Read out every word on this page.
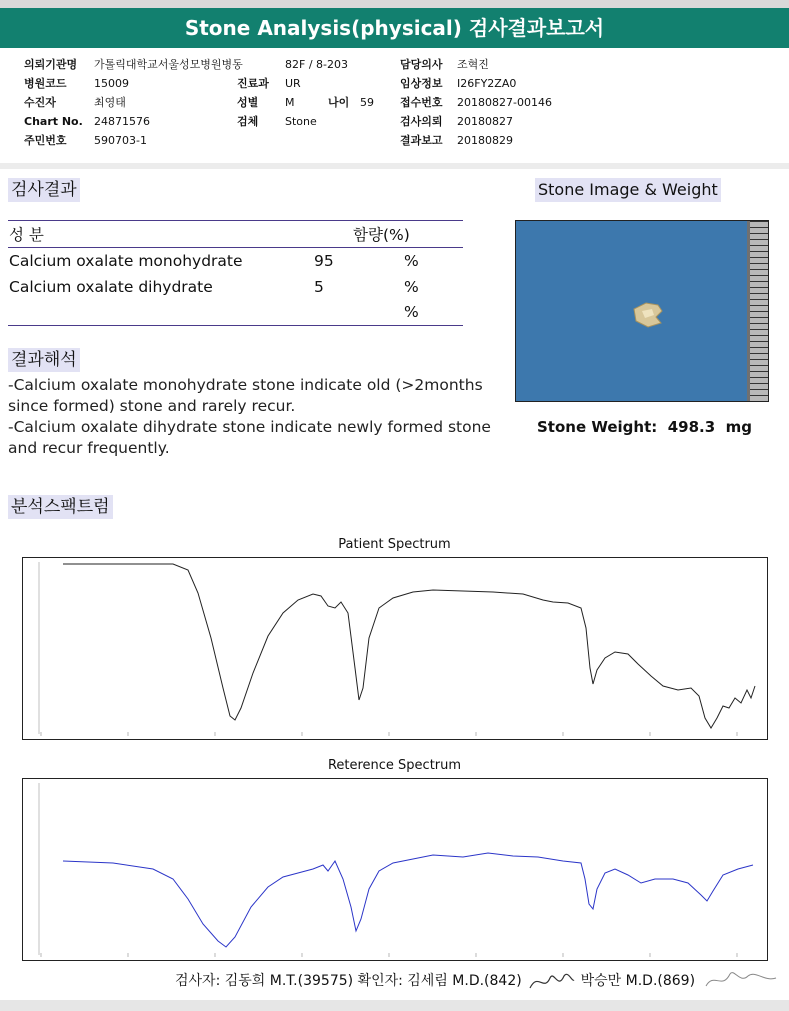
Stone Analysis(physical) 검사결과보고서
의뢰기관명 가톨릭대학교서울성모병원병동
병원코드 15009
수진자	최영태
Chart No. 24871576
주민번호 590703-1
82F / 8-203
진료과 UR
성별 M	나이 59
검체 Stone
담당의사 조혁진
임상정보 I26FY2ZA0
접수번호 20180827-00146
검사의뢰 20180827
결과보고 20180829
검사결과
성 분	함량(%)	
Calcium oxalate monohydrate	95	%
Calcium oxalate dihydrate	5	%
		%
결과해석
-Calcium oxalate monohydrate stone indicate old (>2months since formed) stone and rarely recur.
-Calcium oxalate dihydrate stone indicate newly formed stone and recur frequently.
Stone Image & Weight
Stone Weight: 498.3 mg
분석스팩트럼
Patient Spectrum
Reterence Spectrum
검사자: 김동희 M.T.(39575) 확인자: 김세림 M.D.(842)	박승만 M.D.(869)
